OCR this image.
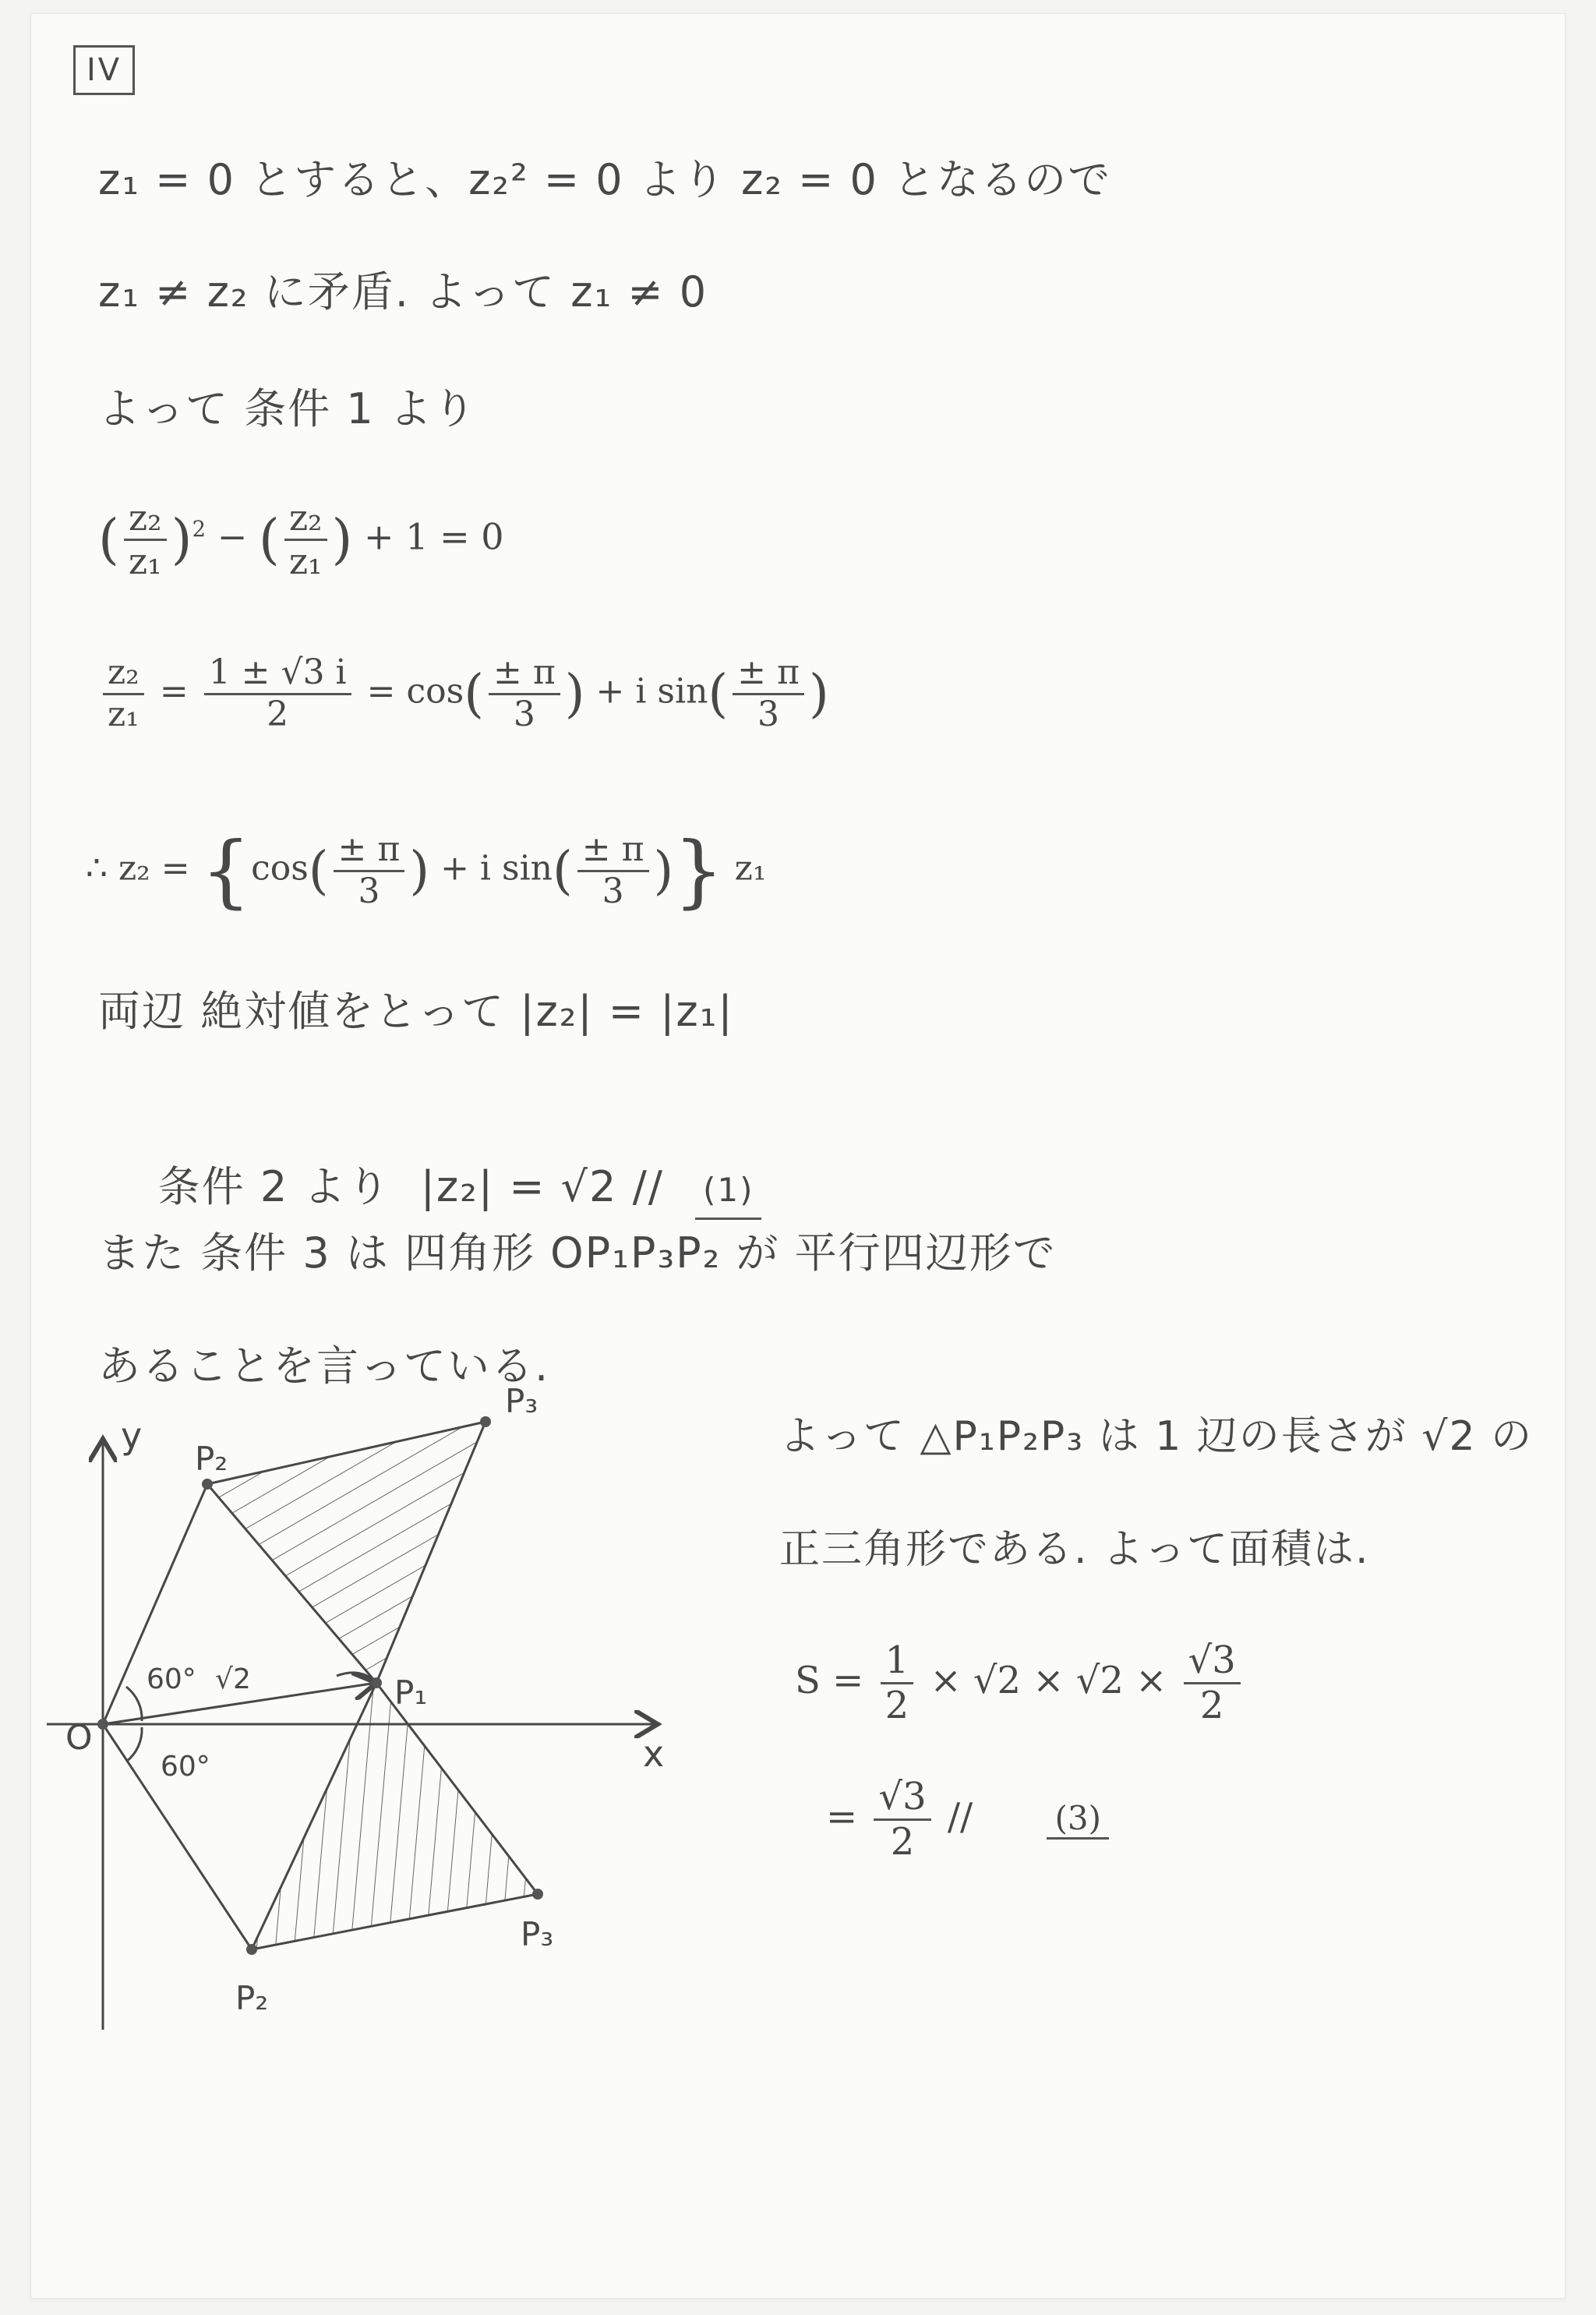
IV
z₁ = 0 とすると、z₂² = 0 より z₂ = 0 となるので
z₁ ≠ z₂ に矛盾. よって z₁ ≠ 0
よって 条件 1 より
( $\frac{\text{z₂}}{\text{z₁}} )^2$ − ( $\frac{\text{z₂}}{\text{z₁}}$ ) + 1 = 0
$\frac{\text{z₂}}{\text{z₁}} = \frac{1 \pm √3 i}{2} = \cos( \frac{\pm \pi}{3}$ ) + i $\sin( \frac{\pm \pi}{3}$ )
∴ $z_2 = \{\cos( \frac{\pm \pi}{3}$ ) + i $\sin( \frac{\pm \pi}{3}$ )} z₁
両辺 絶対値をとって |z₂| = |z₁|

条件 2 より  |z₂| = √2 // (1)

また 条件 3 は 四角形 OP₁P₃P₂ が 平行四辺形で
あることを言っている.
y
x
O
P₂
P₃
P₁
P₂
P₃
60°
60°
√2
よって △P₁P₂P₃ は 1 辺の長さが √2 の
正三角形である. よって面積は.
$S = \frac{1}{2} \times √2 \times √2 \times \frac{√3}{2}$
= $\frac{√3}{2}$ //	(3)
